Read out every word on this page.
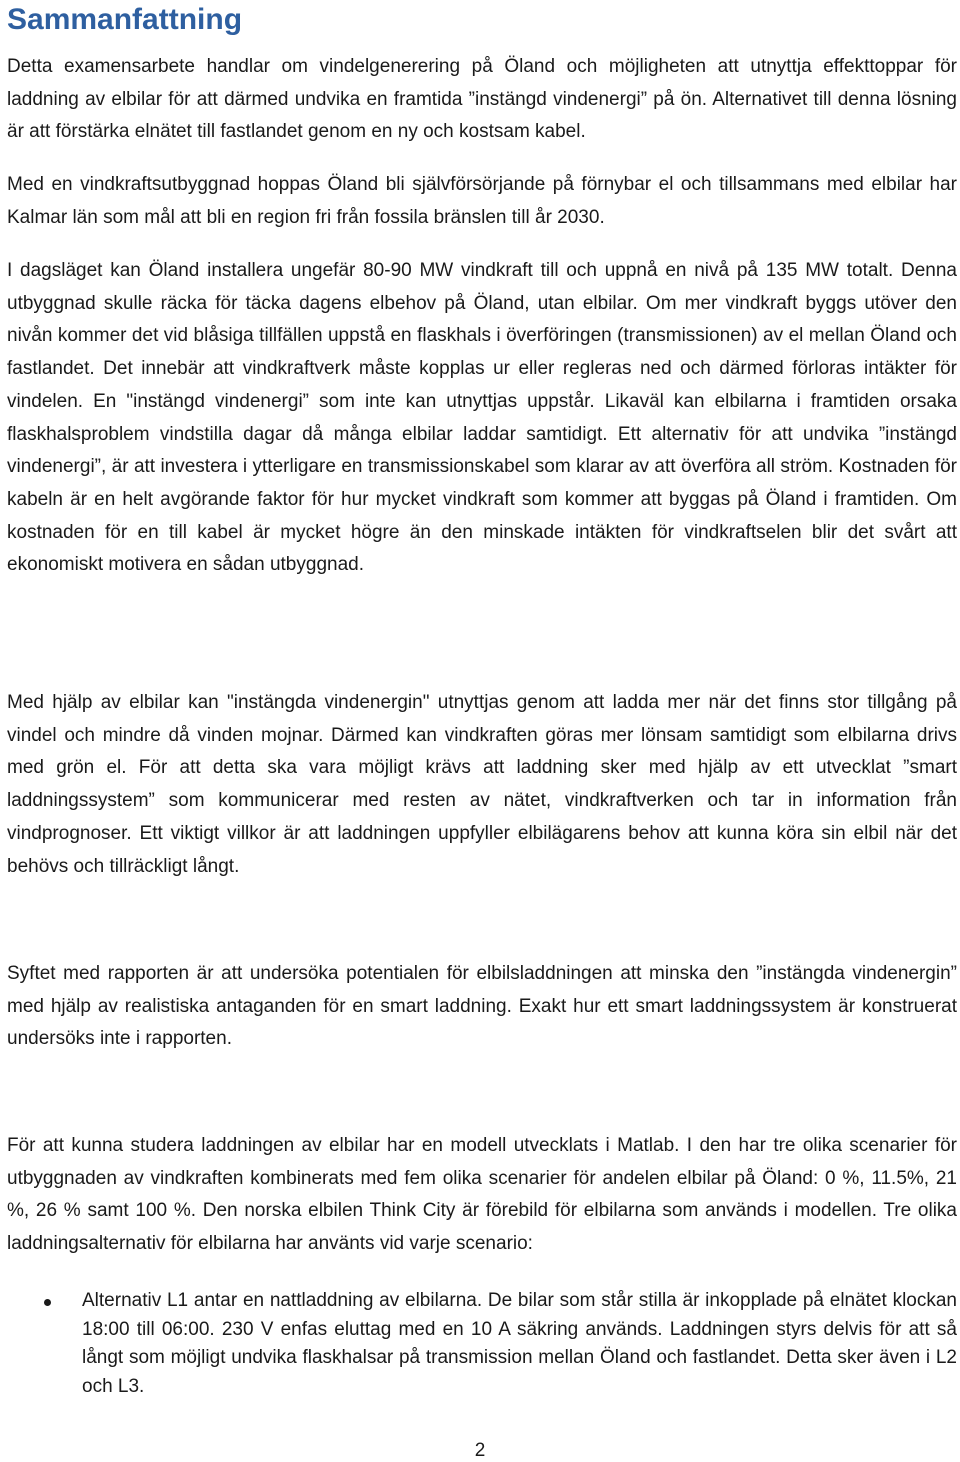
Sammanfattning

Detta examensarbete handlar om vindelgenerering på Öland och möjligheten att utnyttja effekttoppar för laddning av elbilar för att därmed undvika en framtida ”instängd vindenergi” på ön. Alternativet till denna lösning är att förstärka elnätet till fastlandet genom en ny och kostsam kabel.

Med en vindkraftsutbyggnad hoppas Öland bli självförsörjande på förnybar el och tillsammans med elbilar har Kalmar län som mål att bli en region fri från fossila bränslen till år 2030.

I dagsläget kan Öland installera ungefär 80-90 MW vindkraft till och uppnå en nivå på 135 MW totalt. Denna utbyggnad skulle räcka för täcka dagens elbehov på Öland, utan elbilar. Om mer vindkraft byggs utöver den nivån kommer det vid blåsiga tillfällen uppstå en flaskhals i överföringen (transmissionen) av el mellan Öland och fastlandet. Det innebär att vindkraftverk måste kopplas ur eller regleras ned och därmed förloras intäkter för vindelen. En "instängd vindenergi” som inte kan utnyttjas uppstår. Likaväl kan elbilarna i framtiden orsaka flaskhalsproblem vindstilla dagar då många elbilar laddar samtidigt. Ett alternativ för att undvika ”instängd vindenergi”, är att investera i ytterligare en transmissionskabel som klarar av att överföra all ström. Kostnaden för kabeln är en helt avgörande faktor för hur mycket vindkraft som kommer att byggas på Öland i framtiden. Om kostnaden för en till kabel är mycket högre än den minskade intäkten för vindkraftselen blir det svårt att ekonomiskt motivera en sådan utbyggnad.

Med hjälp av elbilar kan "instängda vindenergin" utnyttjas genom att ladda mer när det finns stor tillgång på vindel och mindre då vinden mojnar. Därmed kan vindkraften göras mer lönsam samtidigt som elbilarna drivs med grön el. För att detta ska vara möjligt krävs att laddning sker med hjälp av ett utvecklat ”smart laddningssystem” som kommunicerar med resten av nätet, vindkraftverken och tar in information från vindprognoser. Ett viktigt villkor är att laddningen uppfyller elbilägarens behov att kunna köra sin elbil när det behövs och tillräckligt långt.

Syftet med rapporten är att undersöka potentialen för elbilsladdningen att minska den ”instängda vindenergin” med hjälp av realistiska antaganden för en smart laddning. Exakt hur ett smart laddningssystem är konstruerat undersöks inte i rapporten.

För att kunna studera laddningen av elbilar har en modell utvecklats i Matlab. I den har tre olika scenarier för utbyggnaden av vindkraften kombinerats med fem olika scenarier för andelen elbilar på Öland: 0 %, 11.5%, 21 %, 26 % samt 100 %. Den norska elbilen Think City är förebild för elbilarna som används i modellen. Tre olika laddningsalternativ för elbilarna har använts vid varje scenario:

Alternativ L1 antar en nattladdning av elbilarna. De bilar som står stilla är inkopplade på elnätet klockan 18:00 till 06:00. 230 V enfas eluttag med en 10 A säkring används. Laddningen styrs delvis för att så långt som möjligt undvika flaskhalsar på transmission mellan Öland och fastlandet. Detta sker även i L2 och L3.

2
